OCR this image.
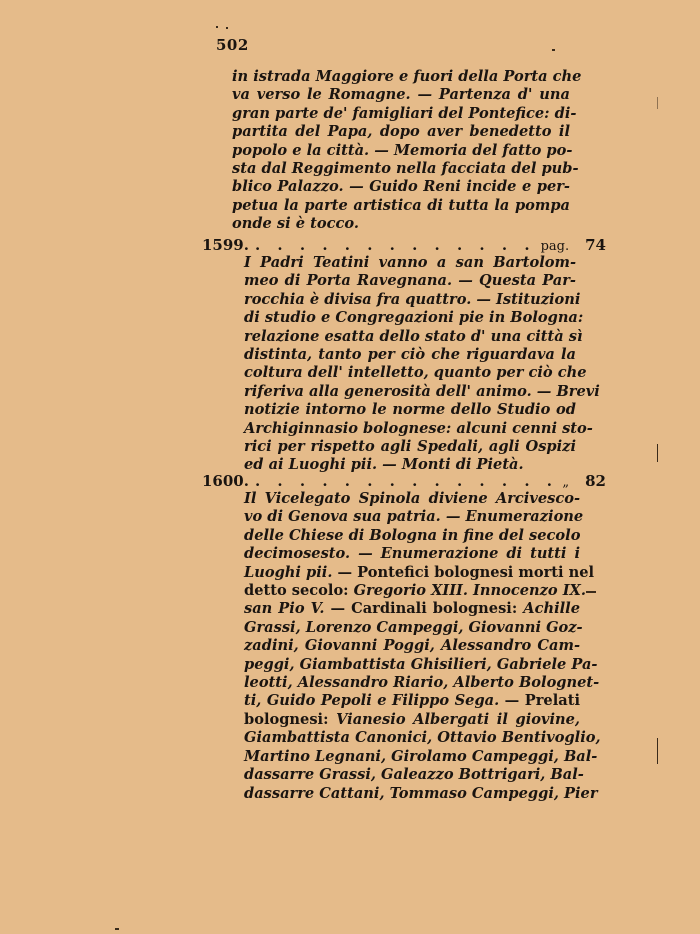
502
in istrada Maggiore e fuori della Porta che
va verso le Romagne. — Partenza d' una
gran parte de' famigliari del Pontefice: di-
partita del Papa, dopo aver benedetto il
popolo e la città. — Memoria del fatto po-
sta dal Reggimento nella facciata del pub-
blico Palazzo. — Guido Reni incide e per-
petua la parte artistica di tutta la pompa
onde si è tocco.
1599. . . . . . . . . . . . . . pag. 74
I Padri Teatini vanno a san Bartolom-
meo di Porta Ravegnana. — Questa Par-
rocchia è divisa fra quattro. — Istituzioni
di studio e Congregazioni pie in Bologna:
relazione esatta dello stato d' una città sì
distinta, tanto per ciò che riguardava la
coltura dell' intelletto, quanto per ciò che
riferiva alla generosità dell' animo. — Brevi
notizie intorno le norme dello Studio od
Archiginnasio bolognese: alcuni cenni sto-
rici per rispetto agli Spedali, agli Ospizi
ed ai Luoghi pii. — Monti di Pietà.
1600. . . . . . . . . . . . . . . „ 82
Il Vicelegato Spinola diviene Arcivesco-
vo di Genova sua patria. — Enumerazione
delle Chiese di Bologna in fine del secolo
decimosesto. — Enumerazione di tutti i
Luoghi pii. — Pontefici bolognesi morti nel
detto secolo: Gregorio XIII. Innocenzo IX.
san Pio V. — Cardinali bolognesi: Achille
Grassi, Lorenzo Campeggi, Giovanni Goz-
zadini, Giovanni Poggi, Alessandro Cam-
peggi, Giambattista Ghisilieri, Gabriele Pa-
leotti, Alessandro Riario, Alberto Bolognet-
ti, Guido Pepoli e Filippo Sega. — Prelati
bolognesi: Vianesio Albergati il giovine,
Giambattista Canonici, Ottavio Bentivoglio,
Martino Legnani, Girolamo Campeggi, Bal-
dassarre Grassi, Galeazzo Bottrigari, Bal-
dassarre Cattani, Tommaso Campeggi, Pier
